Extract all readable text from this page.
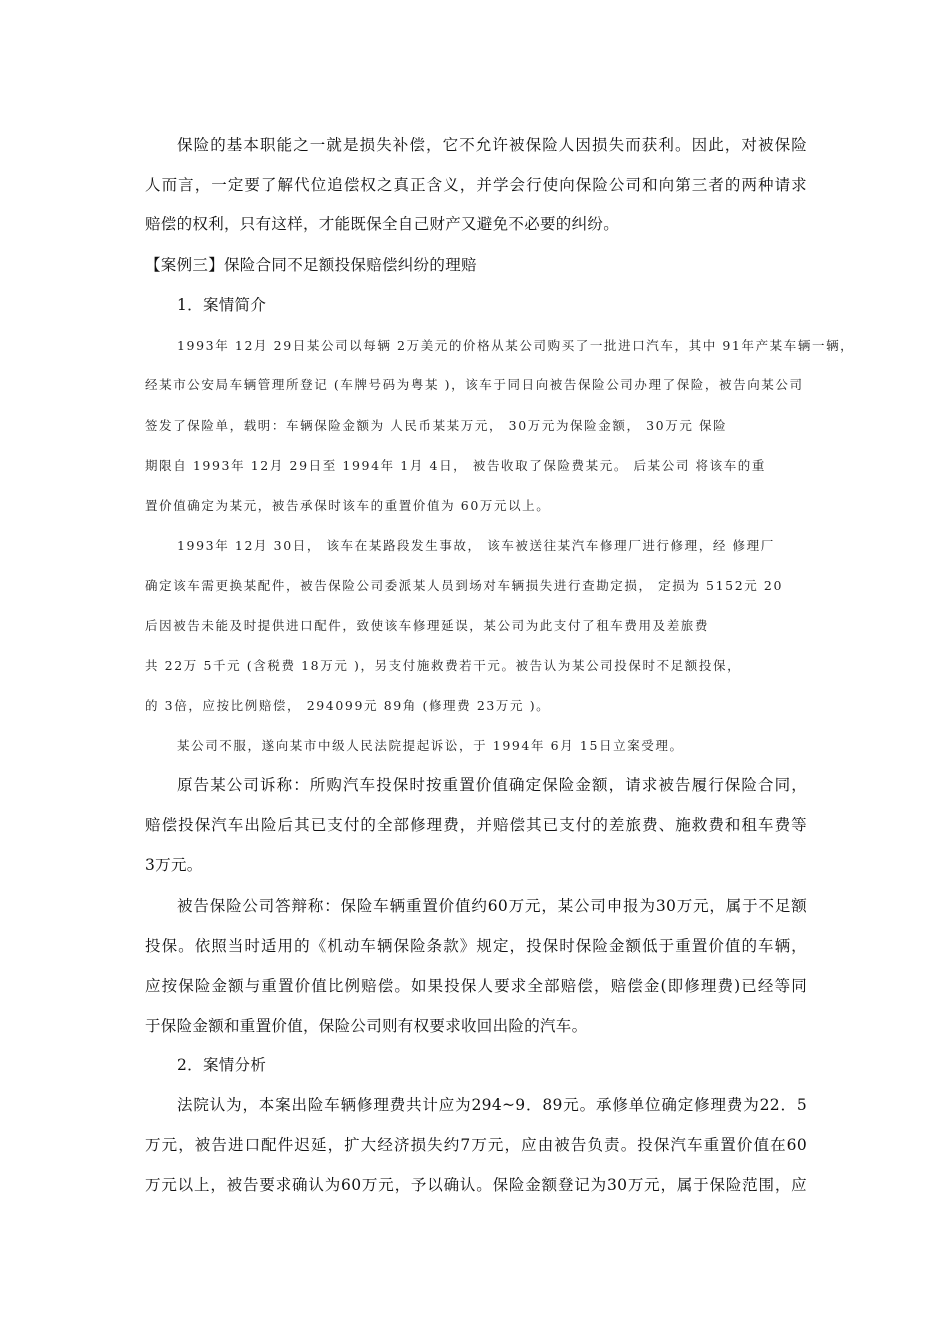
保险的基本职能之一就是损失补偿，它不允许被保险人因损失而获利。因此，对被保险
人而言，一定要了解代位追偿权之真正含义，并学会行使向保险公司和向第三者的两种请求
赔偿的权利，只有这样，才能既保全自己财产又避免不必要的纠纷。
【案例三】保险合同不足额投保赔偿纠纷的理赔
1．案情简介
1993年 12月 29日某公司以每辆 2万美元的价格从某公司购买了一批进口汽车，其中 91年产某车辆一辆，
经某市公安局车辆管理所登记 (车牌号码为粤某 )，该车于同日向被告保险公司办理了保险，被告向某公司
签发了保险单，载明：车辆保险金额为 人民币某某万元， 30万元为保险金额， 30万元 保险
期限自 1993年 12月 29日至 1994年 1月 4日， 被告收取了保险费某元。 后某公司 将该车的重
置价值确定为某元，被告承保时该车的重置价值为 60万元以上。
1993年 12月 30日， 该车在某路段发生事故， 该车被送往某汽车修理厂进行修理，经 修理厂
确定该车需更换某配件，被告保险公司委派某人员到场对车辆损失进行查勘定损， 定损为 5152元 20
后因被告未能及时提供进口配件，致使该车修理延误，某公司为此支付了租车费用及差旅费
共 22万 5千元 (含税费 18万元 )，另支付施救费若干元。被告认为某公司投保时不足额投保，
的 3倍，应按比例赔偿， 294099元 89角 (修理费 23万元 )。
某公司不服，遂向某市中级人民法院提起诉讼，于 1994年 6月 15日立案受理。
原告某公司诉称：所购汽车投保时按重置价值确定保险金额，请求被告履行保险合同，
赔偿投保汽车出险后其已支付的全部修理费，并赔偿其已支付的差旅费、施救费和租车费等
3万元。
被告保险公司答辩称：保险车辆重置价值约60万元，某公司申报为30万元，属于不足额
投保。依照当时适用的《机动车辆保险条款》规定，投保时保险金额低于重置价值的车辆，
应按保险金额与重置价值比例赔偿。如果投保人要求全部赔偿，赔偿金(即修理费)已经等同
于保险金额和重置价值，保险公司则有权要求收回出险的汽车。
2．案情分析
法院认为，本案出险车辆修理费共计应为294~9．89元。承修单位确定修理费为22．5
万元，被告进口配件迟延，扩大经济损失约7万元，应由被告负责。投保汽车重置价值在60
万元以上，被告要求确认为60万元，予以确认。保险金额登记为30万元，属于保险范围，应
